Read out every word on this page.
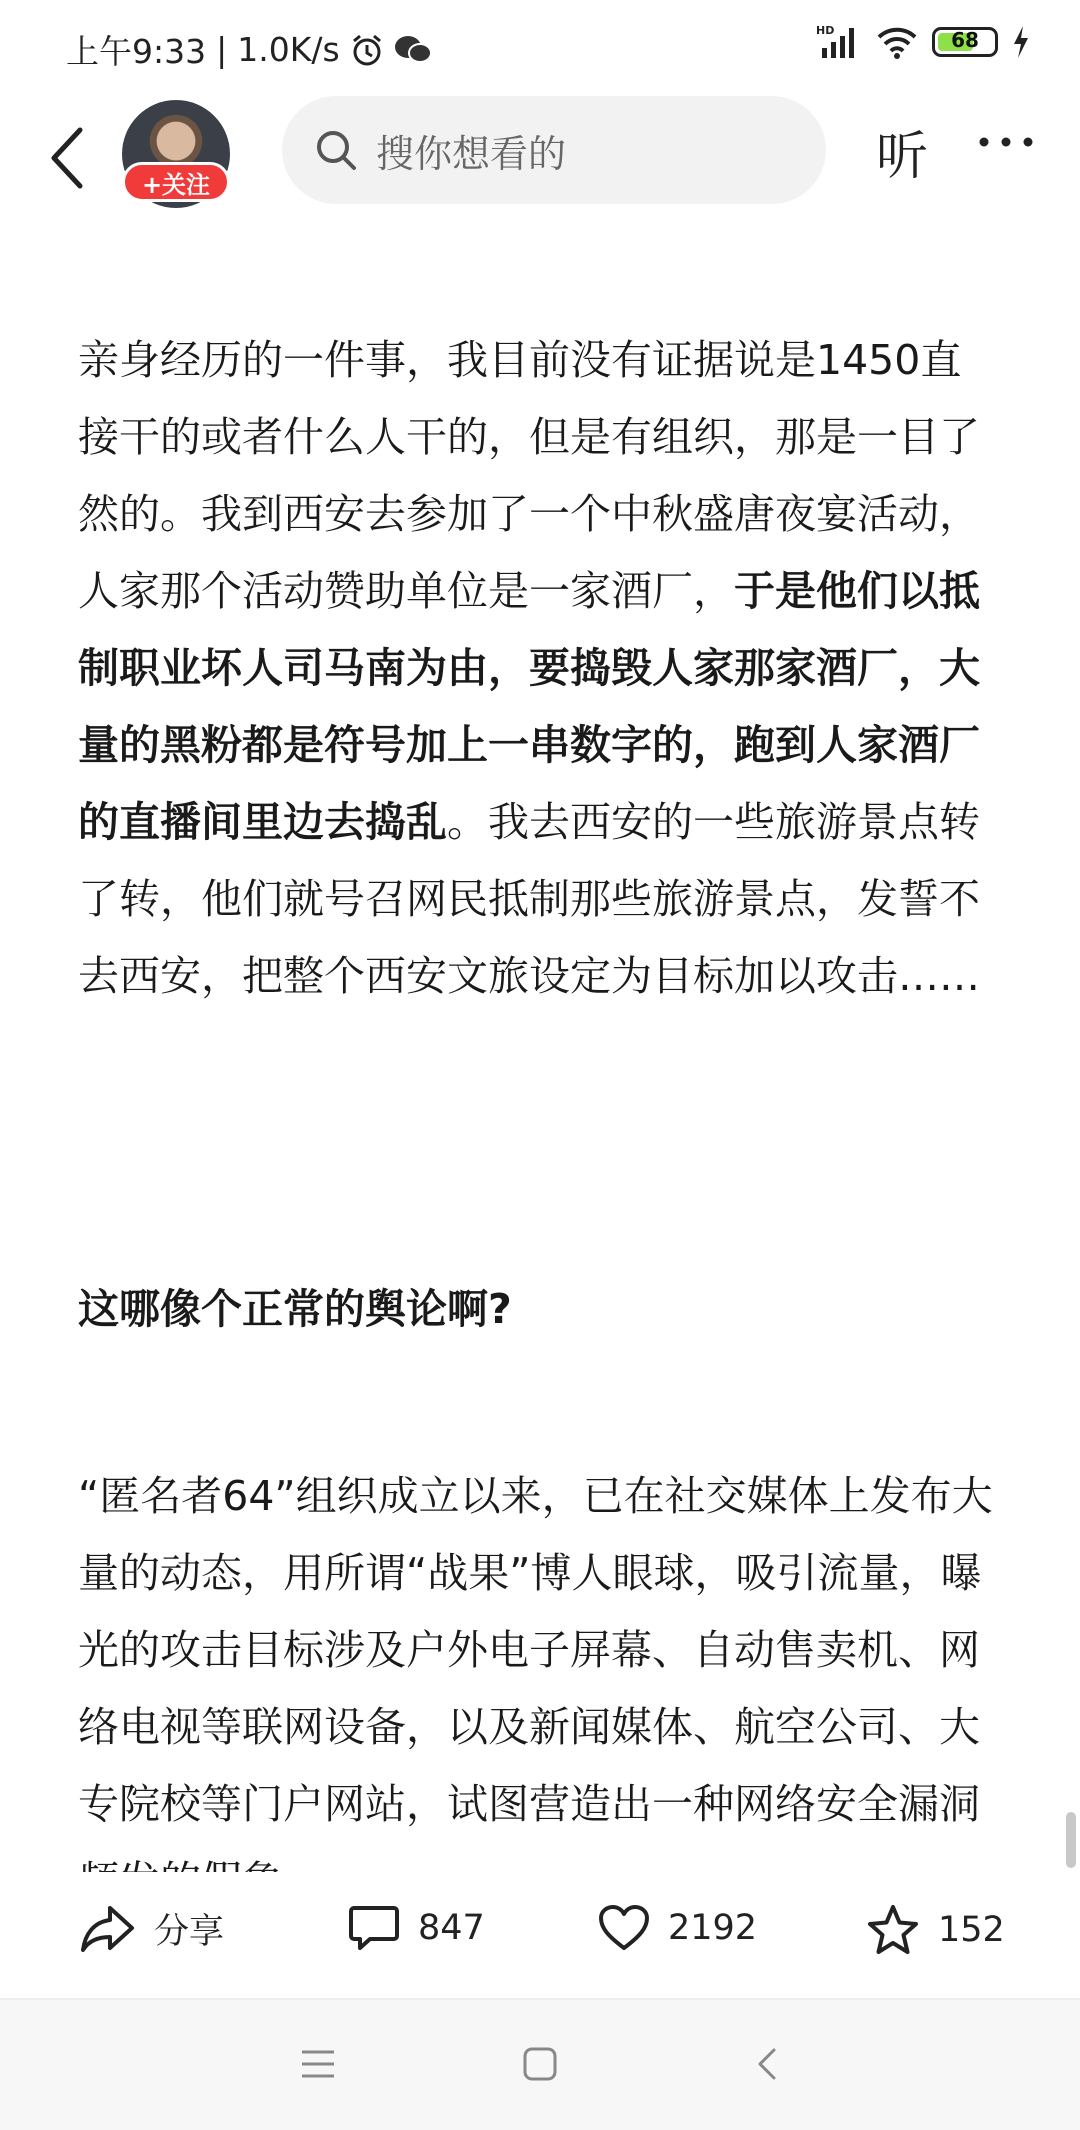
上午9:33 | 1.0K/s	HD	68
+关注
搜你想看的	听

亲身经历的一件事，我目前没有证据说是1450直接干的或者什么人干的，但是有组织，那是一目了然的。我到西安去参加了一个中秋盛唐夜宴活动，人家那个活动赞助单位是一家酒厂，于是他们以抵制职业坏人司马南为由，要捣毁人家那家酒厂，大量的黑粉都是符号加上一串数字的，跑到人家酒厂的直播间里边去捣乱。我去西安的一些旅游景点转了转，他们就号召网民抵制那些旅游景点，发誓不去西安，把整个西安文旅设定为目标加以攻击……

这哪像个正常的舆论啊?
“匿名者64”组织成立以来，已在社交媒体上发布大量的动态，用所谓“战果”博人眼球，吸引流量，曝光的攻击目标涉及户外电子屏幕、自动售卖机、网络电视等联网设备，以及新闻媒体、航空公司、大专院校等门户网站，试图营造出一种网络安全漏洞
分享	847	2192	152
